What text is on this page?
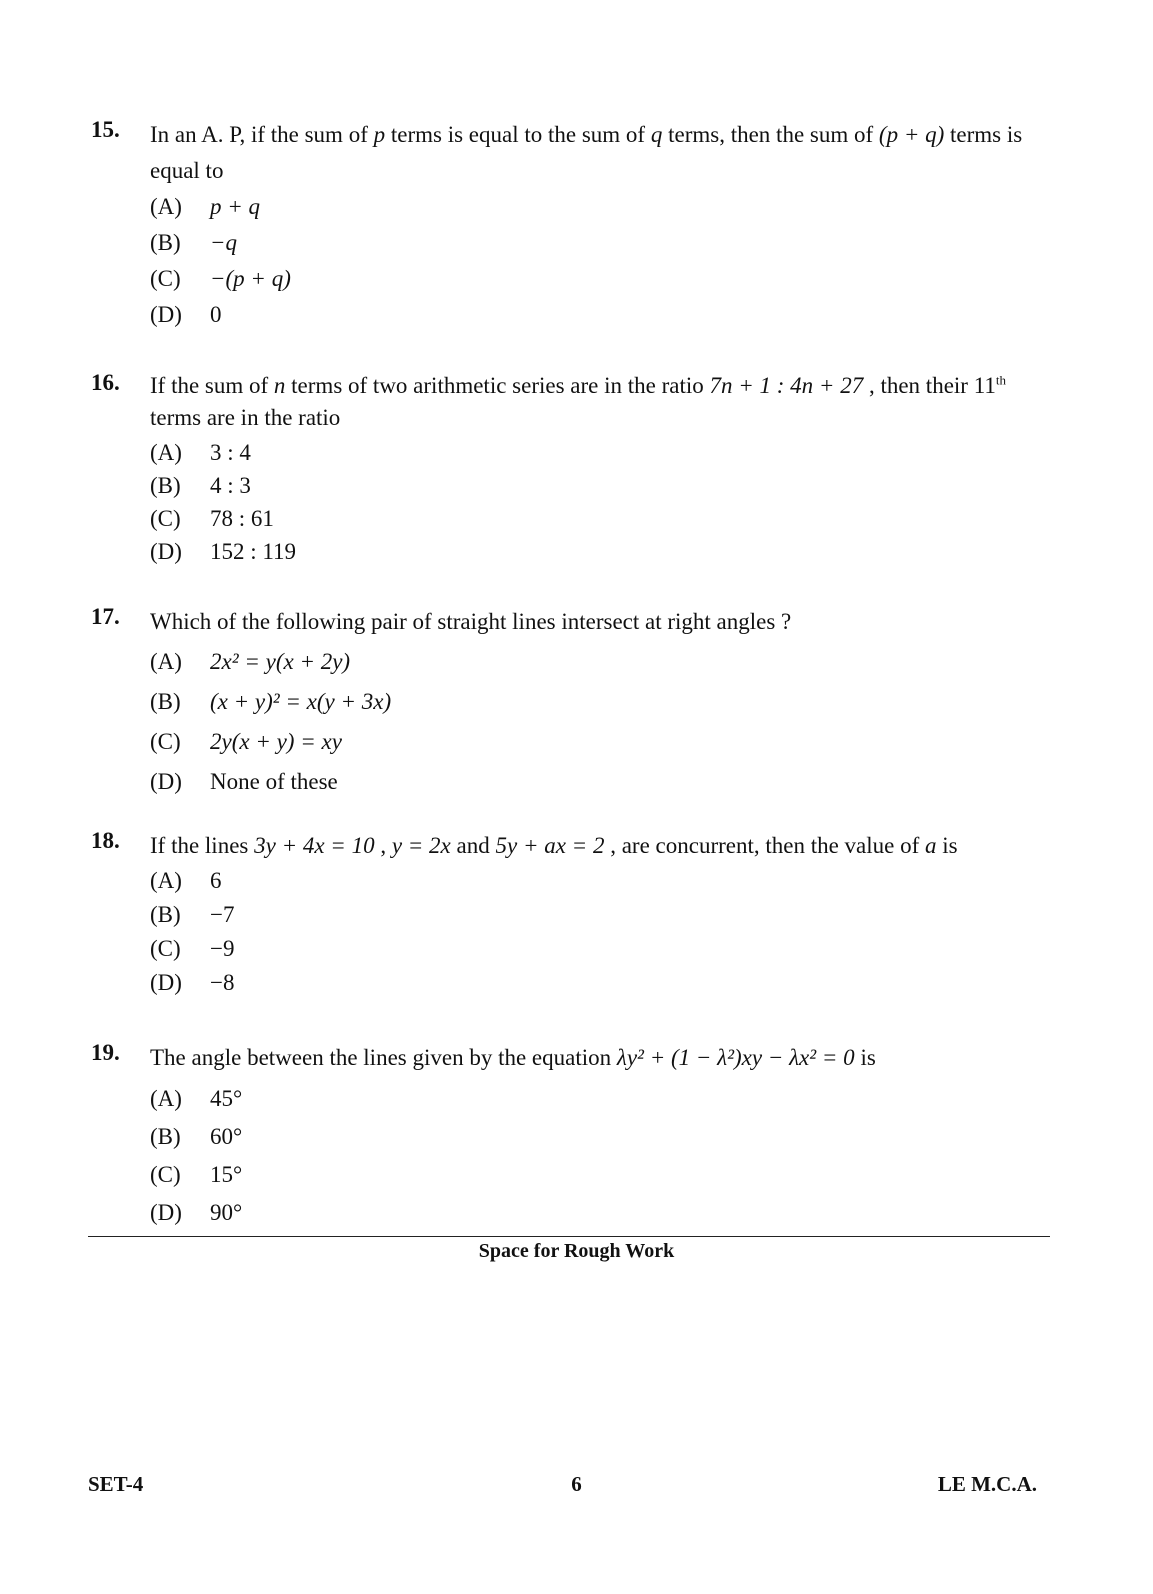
15. In an A. P, if the sum of p terms is equal to the sum of q terms, then the sum of (p + q) terms is equal to
(A)	p + q
(B)	−q
(C)	−(p + q)
(D)	0
16. If the sum of n terms of two arithmetic series are in the ratio 7n + 1 : 4n + 27 , then their 11th terms are in the ratio
(A)	3 : 4
(B)	4 : 3
(C)	78 : 61
(D)	152 : 119
17. Which of the following pair of straight lines intersect at right angles ?
(A)	2x² = y(x + 2y)
(B)	(x + y)² = x(y + 3x)
(C)	2y(x + y) = xy
(D)	None of these
18. If the lines 3y + 4x = 10 , y = 2x and 5y + ax = 2 , are concurrent, then the value of a is
(A)	6
(B)	−7
(C)	−9
(D)	−8
19. The angle between the lines given by the equation λy² + (1 − λ²)xy − λx² = 0 is
(A)	45°
(B)	60°
(C)	15°
(D)	90°
Space for Rough Work
SET-4	6	LE M.C.A.
